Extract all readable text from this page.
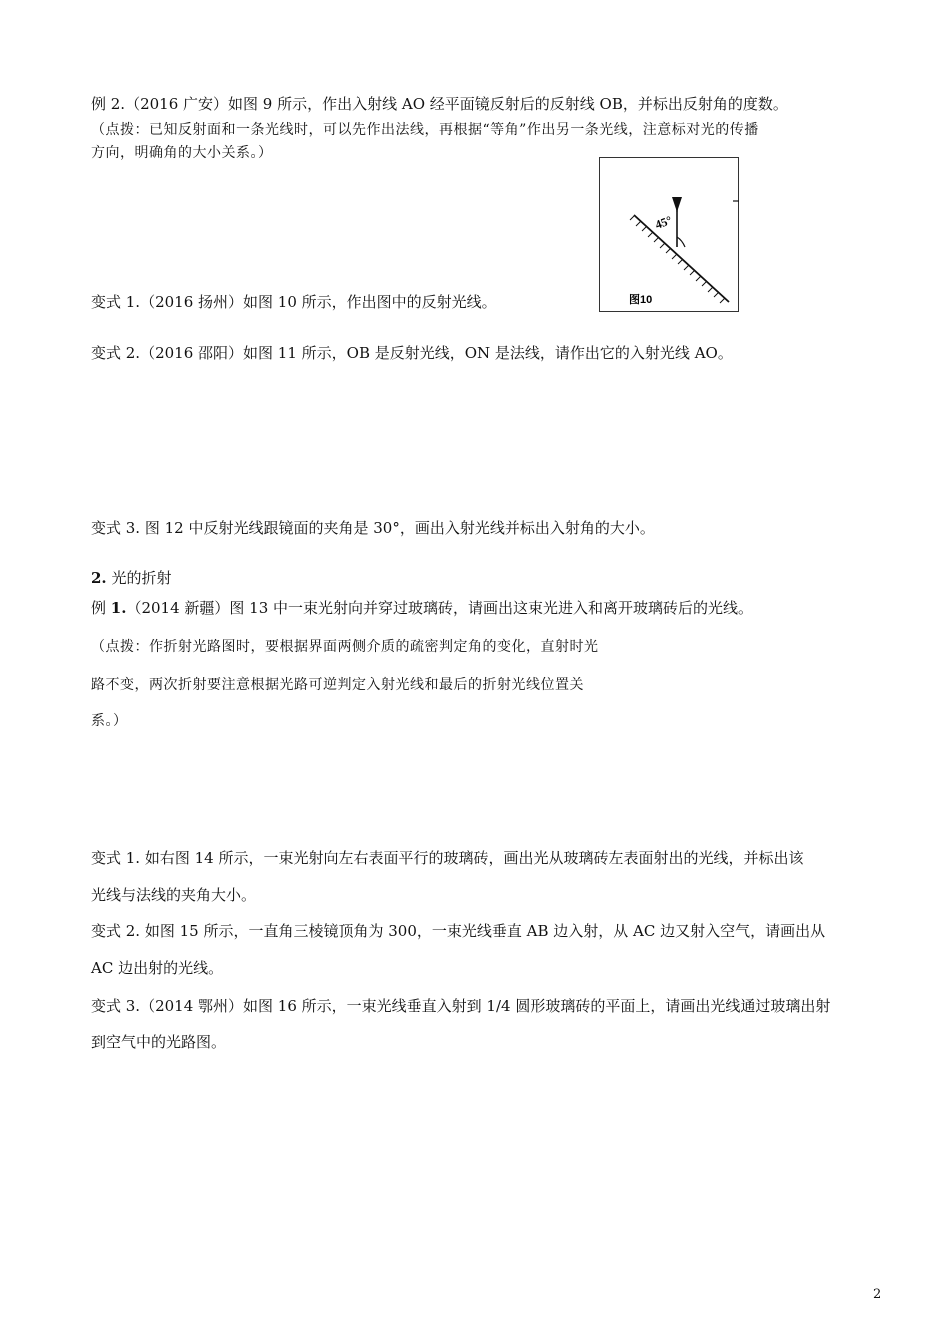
例 2.（2016 广安）如图 9 所示，作出入射线 AO 经平面镜反射后的反射线 OB，并标出反射角的度数。
（点拨：已知反射面和一条光线时，可以先作出法线，再根据“等角”作出另一条光线，注意标对光的传播
方向，明确角的大小关系。）
45°
图10
变式 1.（2016 扬州）如图 10 所示，作出图中的反射光线。
变式 2.（2016 邵阳）如图 11 所示，OB 是反射光线，ON 是法线，请作出它的入射光线 AO。
变式 3. 图 12 中反射光线跟镜面的夹角是 30°，画出入射光线并标出入射角的大小。
2. 光的折射
例 1.（2014 新疆）图 13 中一束光射向并穿过玻璃砖，请画出这束光进入和离开玻璃砖后的光线。
（点拨：作折射光路图时，要根据界面两侧介质的疏密判定角的变化，直射时光
路不变，两次折射要注意根据光路可逆判定入射光线和最后的折射光线位置关
系。）
变式 1. 如右图 14 所示，一束光射向左右表面平行的玻璃砖，画出光从玻璃砖左表面射出的光线，并标出该
光线与法线的夹角大小。
变式 2. 如图 15 所示，一直角三棱镜顶角为 300，一束光线垂直 AB 边入射，从 AC 边又射入空气，请画出从
AC 边出射的光线。
变式 3.（2014 鄂州）如图 16 所示，一束光线垂直入射到 1/4 圆形玻璃砖的平面上，请画出光线通过玻璃出射
到空气中的光路图。
2
